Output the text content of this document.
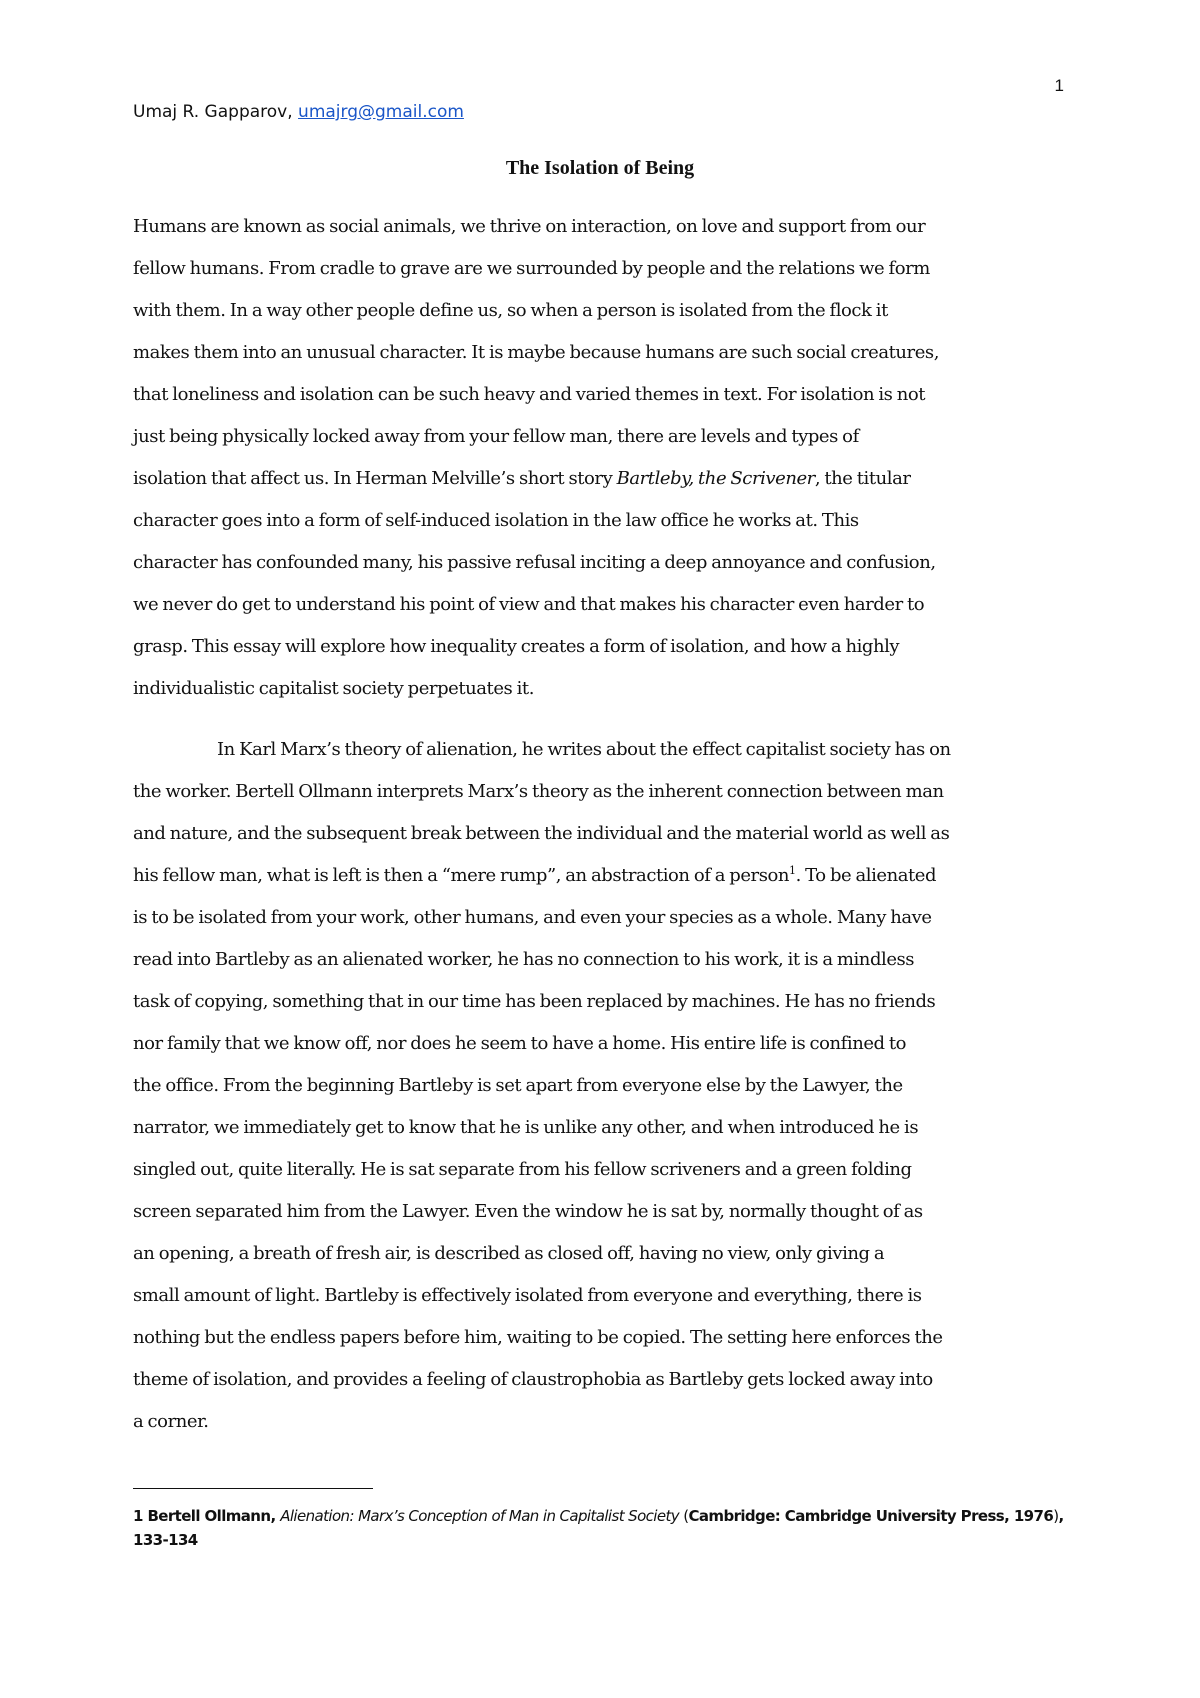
1
Umaj R. Gapparov, umajrg@gmail.com
The Isolation of Being
Humans are known as social animals, we thrive on interaction, on love and support from our
fellow humans. From cradle to grave are we surrounded by people and the relations we form
with them. In a way other people define us, so when a person is isolated from the flock it
makes them into an unusual character. It is maybe because humans are such social creatures,
that loneliness and isolation can be such heavy and varied themes in text. For isolation is not
just being physically locked away from your fellow man, there are levels and types of
isolation that affect us. In Herman Melville’s short story Bartleby, the Scrivener, the titular
character goes into a form of self-induced isolation in the law office he works at. This
character has confounded many, his passive refusal inciting a deep annoyance and confusion,
we never do get to understand his point of view and that makes his character even harder to
grasp. This essay will explore how inequality creates a form of isolation, and how a highly
individualistic capitalist society perpetuates it.
In Karl Marx’s theory of alienation, he writes about the effect capitalist society has on
the worker. Bertell Ollmann interprets Marx’s theory as the inherent connection between man
and nature, and the subsequent break between the individual and the material world as well as
his fellow man, what is left is then a “mere rump”, an abstraction of a person$^1$. To be alienated
is to be isolated from your work, other humans, and even your species as a whole. Many have
read into Bartleby as an alienated worker, he has no connection to his work, it is a mindless
task of copying, something that in our time has been replaced by machines. He has no friends
nor family that we know off, nor does he seem to have a home. His entire life is confined to
the office. From the beginning Bartleby is set apart from everyone else by the Lawyer, the
narrator, we immediately get to know that he is unlike any other, and when introduced he is
singled out, quite literally. He is sat separate from his fellow scriveners and a green folding
screen separated him from the Lawyer. Even the window he is sat by, normally thought of as
an opening, a breath of fresh air, is described as closed off, having no view, only giving a
small amount of light. Bartleby is effectively isolated from everyone and everything, there is
nothing but the endless papers before him, waiting to be copied. The setting here enforces the
theme of isolation, and provides a feeling of claustrophobia as Bartleby gets locked away into
a corner.
1 Bertell Ollmann, Alienation: Marx’s Conception of Man in Capitalist Society (Cambridge: Cambridge University Press, 1976), 133-134
